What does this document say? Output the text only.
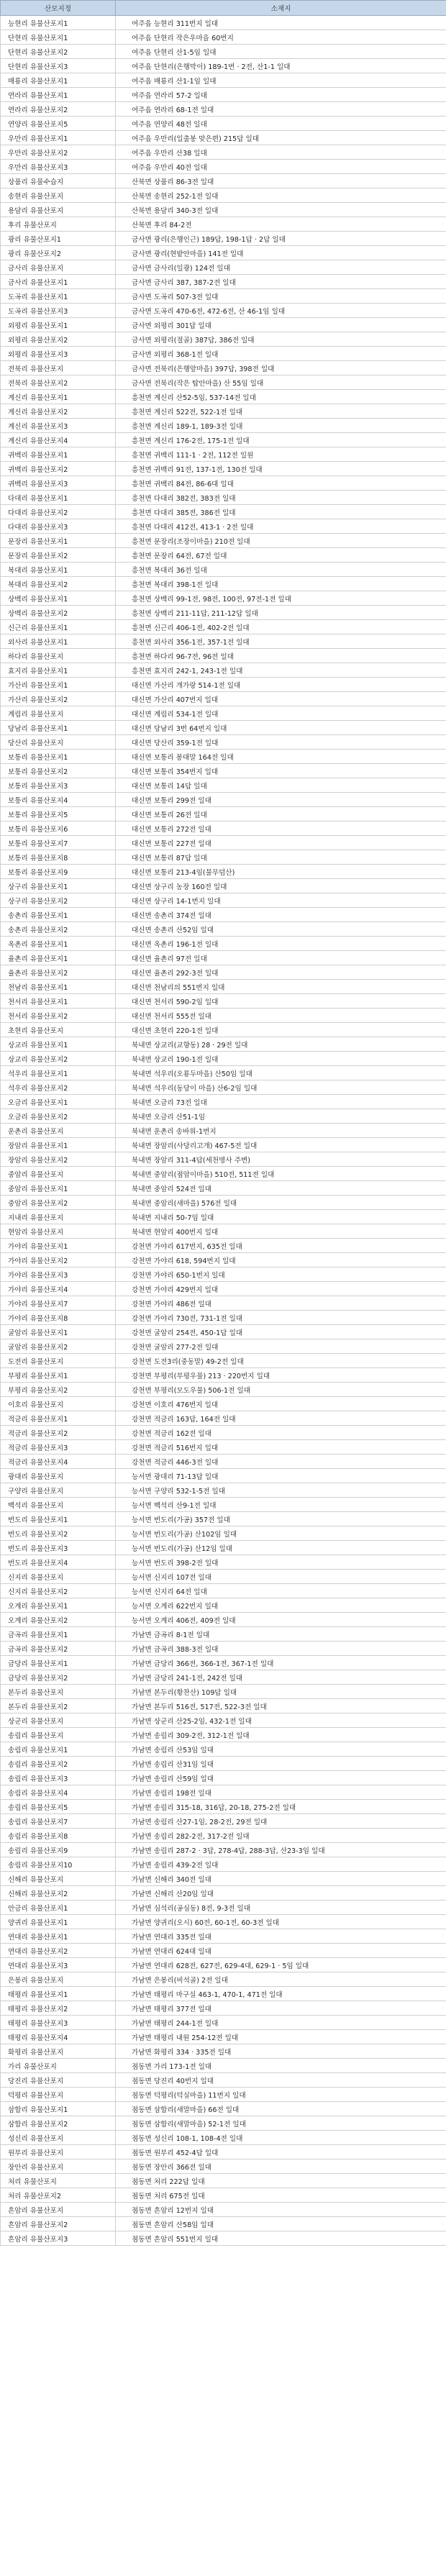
산모지정	소재지
능현리 유물산포지1	여주읍 능현리 311번지 일대
단현리 유물산포지1	여주읍 단현리 작은우마을 60번지
단현리 유물산포지2	여주읍 단현리 산1-5임 일대
단현리 유물산포지3	여주읍 단현리(은행막이) 189-1번 · 2전, 산1-1 일대
매룡리 유물산포지1	여주읍 매룡리 산1-1임 일대
연라리 유물산포지1	여주읍 연라리 57-2 일대
연라리 유물산포지2	여주읍 연라리 68-1전 일대
연양리 유물산포지5	여주읍 연양리 48전 일대
우만리 유물산포지1	여주읍 우만리(일출봉 맞은편) 215답 일대
우만리 유물산포지2	여주읍 우만리 산38 일대
우만리 유물산포지3	여주읍 우만리 40전 일대
상품리 유물수습지	산북면 상품리 86-3전 일대
송현리 유물산포지	산북면 송현리 252-1전 일대
용담리 유물산포지	산북면 용담리 340-3전 일대
후리 유물산포지	산북면 후리 84-2전
광리 유물산포지1	금사면 광리(은행인근) 189답, 198-1답 · 2답 일대
광리 유물산포지2	금사면 광리(현밭안마을) 141전 일대
금사리 유물산포지	금사면 금사리(일광) 124전 일대
금사리 유물산포지1	금사면 금사리 387, 387-2전 일대
도곡리 유물산포지1	금사면 도곡리 507-3전 일대
도곡리 유물산포지3	금사면 도곡리 470-6전, 472-6전, 산 46-1임 일대
외평리 유물산포지1	금사면 외평리 301답 일대
외평리 유물산포지2	금사면 외평리(절골) 387답, 386전 일대
외평리 유물산포지3	금사면 외평리 368-1전 일대
전북리 유물산포지	금사면 전북리(은행앞마을) 397답, 398전 일대
전북리 유물산포지2	금사면 전북리(작은 탑안마을) 산 55임 일대
계신리 유물산포지1	흥천면 계신리 산52-5임, 537-14전 일대
계신리 유물산포지2	흥천면 계신리 522전, 522-1전 일대
계신리 유물산포지3	흥천면 계신리 189-1, 189-3전 일대
계신리 유물산포지4	흥천면 계신리 176-2전, 175-1전 일대
귀백리 유물산포지1	흥천면 귀백리 111-1 · 2전, 112전 일원
귀백리 유물산포지2	흥천면 귀백리 91전, 137-1전, 130전 일대
귀백리 유물산포지3	흥천면 귀백리 84전, 86-6대 일대
다대리 유물산포지1	흥천면 다대리 382전, 383전 일대
다대리 유물산포지2	흥천면 다대리 385전, 386전 일대
다대리 유물산포지3	흥천면 다대리 412전, 413-1 · 2전 일대
문장리 유물산포지1	흥천면 문장리(조장이마을) 210전 일대
문장리 유물산포지2	흥천면 문장리 64전, 67전 일대
복대리 유물산포지1	흥천면 복대리 36전 일대
복대리 유물산포지2	흥천면 복대리 398-1전 일대
상백리 유물산포지1	흥천면 상백리 99-1전, 98전, 100전, 97전-1전 일대
상백리 유물산포지2	흥천면 상백리 211-11답, 211-12답 일대
신근리 유물산포지1	흥천면 신근리 406-1전, 402-2전 일대
외사리 유물산포지1	흥천면 외사리 356-1전, 357-1전 일대
하다리 유물산포지	흥천면 하다리 96-7전, 96전 일대
효지리 유물산포지1	흥천면 효지리 242-1, 243-1전 일대
가산리 유물산포지1	대신면 가산리 개가랑 514-1전 일대
가산리 유물산포지2	대신면 가산리 407번지 일대
계림리 유물산포지	대신면 계림리 534-1전 일대
당남리 유물산포지1	대신면 당남리 3번 64번지 일대
당산리 유물산포지	대신면 당산리 359-1전 일대
보통리 유물산포지1	대신면 보통리 봉대말 164전 일대
보통리 유물산포지2	대신면 보통리 354번지 일대
보통리 유물산포지3	대신면 보통리 14답 일대
보통리 유물산포지4	대신면 보통리 299전 일대
보통리 유물산포지5	대신면 보통리 26전 일대
보통리 유물산포지6	대신면 보통리 272전 일대
보통리 유물산포지7	대신면 보통리 227전 일대
보통리 유물산포지8	대신면 보통리 87답 일대
보통리 유물산포지9	대신면 보통리 213-4임(물무덤산)
상구리 유물산포지1	대신면 상구리 농장 160전 일대
상구리 유물산포지2	대신면 상구리 14-1번지 일대
송촌리 유물산포지1	대신면 송촌리 374전 일대
송촌리 유물산포지2	대신면 송촌리 산52임 일대
옥촌리 유물산포지1	대신면 옥촌리 196-1전 일대
율촌리 유물산포지1	대신면 율촌리 97전 일대
율촌리 유물산포지2	대신면 율촌리 292-3전 일대
천남리 유물산포지1	대신면 천남리의 551번지 일대
천서리 유물산포지1	대신면 천서리 590-2임 일대
천서리 유물산포지2	대신면 천서리 555전 일대
초현리 유물산포지	대신면 초현리 220-1전 일대
상교리 유물산포지1	북내면 상교리(교향동) 28 · 29전 일대
상교리 유물산포지2	북내면 상교리 190-1전 일대
석우리 유물산포지1	북내면 석우리(오룡두마을) 산50임 일대
석우리 유물산포지2	북내면 석우리(동당이 마을) 산6-2임 일대
오금리 유물산포지1	북내면 오금리 73전 일대
오금리 유물산포지2	북내면 오금리 산51-1임
운촌리 유물산포지	북내면 운촌리 송바위-1번지
장암리 유물산포지1	북내면 장암리(사당리고개) 467-5전 일대
장암리 유물산포지2	북내면 장암리 311-4답(세천명사 주변)
중암리 유물산포지	북내면 중암리(점암이마을) 510전, 511전 일대
중암리 유물산포지1	북내면 중암리 524전 일대
중암리 유물산포지2	북내면 중암리(새마을) 576전 일대
지내리 유물산포지	북내면 지내리 50-7임 일대
현암리 유물산포지	북내면 현암리 400번지 일대
가야리 유물산포지1	강천면 가야리 617번지, 635전 일대
가야리 유물산포지2	강천면 가야리 618, 594번지 일대
가야리 유물산포지3	강천면 가야리 650-1번지 일대
가야리 유물산포지4	강천면 가야리 429번지 일대
가야리 유물산포지7	강천면 가야리 486전 일대
가야리 유물산포지8	강천면 가야리 730전, 731-1전 일대
굴암리 유물산포지1	강천면 굴암리 254전, 450-1답 일대
굴암리 유물산포지2	강천면 굴암리 277-2전 일대
도전리 유물산포지	강천면 도전3리(중동말) 49-2전 일대
부평리 유물산포지1	강천면 부평리(부평우물) 213 · 220번지 일대
부평리 유물산포지2	강천면 부평리(모도우물) 506-1전 일대
이호리 유물산포지	강천면 이호리 476번지 일대
적금리 유물산포지1	강천면 적금리 163답, 164전 일대
적금리 유물산포지2	강천면 적금리 162전 일대
적금리 유물산포지3	강천면 적금리 516번지 일대
적금리 유물산포지4	강천면 적금리 446-3전 일대
광대리 유물산포지	능서면 광대리 71-13답 일대
구양리 유물산포지	능서면 구양리 532-1-5전 일대
백석리 유물산포지	능서면 백석리 산9-1전 일대
번도리 유물산포지1	능서면 번도리(가공) 357전 일대
번도리 유물산포지2	능서면 번도리(가공) 산102임 일대
번도리 유물산포지3	능서면 번도리(가공) 산12임 일대
번도리 유물산포지4	능서면 번도리 398-2전 일대
신지리 유물산포지	능서면 신지리 107전 일대
신지리 유물산포지2	능서면 신지리 64전 일대
오계리 유물산포지1	능서면 오계리 622번지 일대
오계리 유물산포지2	능서면 오계리 406전, 409전 일대
금곡리 유물산포지1	가남면 금곡리 8-1전 일대
금곡리 유물산포지2	가남면 금곡리 388-3전 일대
금당리 유물산포지1	가남면 금당리 366전, 366-1전, 367-1전 일대
금당리 유물산포지2	가남면 금당리 241-1전, 242전 일대
본두리 유물산포지	가남면 본두리(황찬산) 109답 일대
본두리 유물산포지2	가남면 본두리 516전, 517전, 522-3전 일대
상군리 유물산포지	가남면 상군리 산25-2임, 432-1전 일대
송림리 유물산포지	가남면 송림리 309-2전, 312-1전 일대
송림리 유물산포지1	가남면 송림리 산53임 일대
송림리 유물산포지2	가남면 송림리 산31임 일대
송림리 유물산포지3	가남면 송림리 산59임 일대
송림리 유물산포지4	가남면 송림리 198전 일대
송림리 유물산포지5	가남면 송림리 315-18, 316답, 20-18, 275-2전 일대
송림리 유물산포지7	가남면 송림리 산27-1임, 28-2전, 29전 일대
송림리 유물산포지8	가남면 송림리 282-2전, 317-2전 일대
송림리 유물산포지9	가남면 송림리 287-2 · 3답, 278-4답, 288-3답, 산23-3임 일대
송림리 유물산포지10	가남면 송림리 439-2전 일대
신해리 유물산포지	가남면 신해리 340전 일대
신해리 유물산포지2	가남면 신해리 산20임 일대
안금리 유물산포지1	가남면 심석리(공심동) 8전, 9-3전 일대
양귀리 유물산포지1	가남면 양귀리(오시) 60전, 60-1전, 60-3전 일대
연대리 유물산포지1	가남면 연대리 335전 일대
연대리 유물산포지2	가남면 연대리 624대 일대
연대리 유물산포지3	가남면 연대리 628전, 627전, 629-4대, 629-1 · 5임 일대
은봉리 유물산포지	가남면 은봉리(비석골) 2전 일대
태평리 유물산포지1	가남면 태평리 마구실 463-1, 470-1, 471전 일대
태평리 유물산포지2	가남면 태평리 377전 일대
태평리 유물산포지3	가남면 태평리 244-1전 일대
태평리 유물산포지4	가남면 태평리 내원 254-12전 일대
화평리 유물산포지	가남면 화평리 334 · 335전 일대
가리 유물산포지	점동면 가리 173-1전 일대
당진리 유물산포지	점동면 당진리 40번지 일대
덕평리 유물산포지	점동면 덕평리(덕실마을) 11번지 일대
삼합리 유물산포지1	점동면 삼합리(새말마을) 66전 일대
삼합리 유물산포지2	점동면 삼합리(새말마을) 52-1전 일대
성신리 유물산포지	점동면 성신리 108-1, 108-4전 일대
원부리 유물산포지	점동면 원부리 452-4답 일대
장안리 유물산포지	점동면 장안리 366전 일대
처리 유물산포지	점동면 처리 222답 일대
처리 유물산포지2	점동면 처리 675전 일대
흔암리 유물산포지	점동면 흔암리 12번지 일대
흔암리 유물산포지2	점동면 흔암리 산58임 일대
흔암리 유물산포지3	점동면 흔암리 551번지 일대
